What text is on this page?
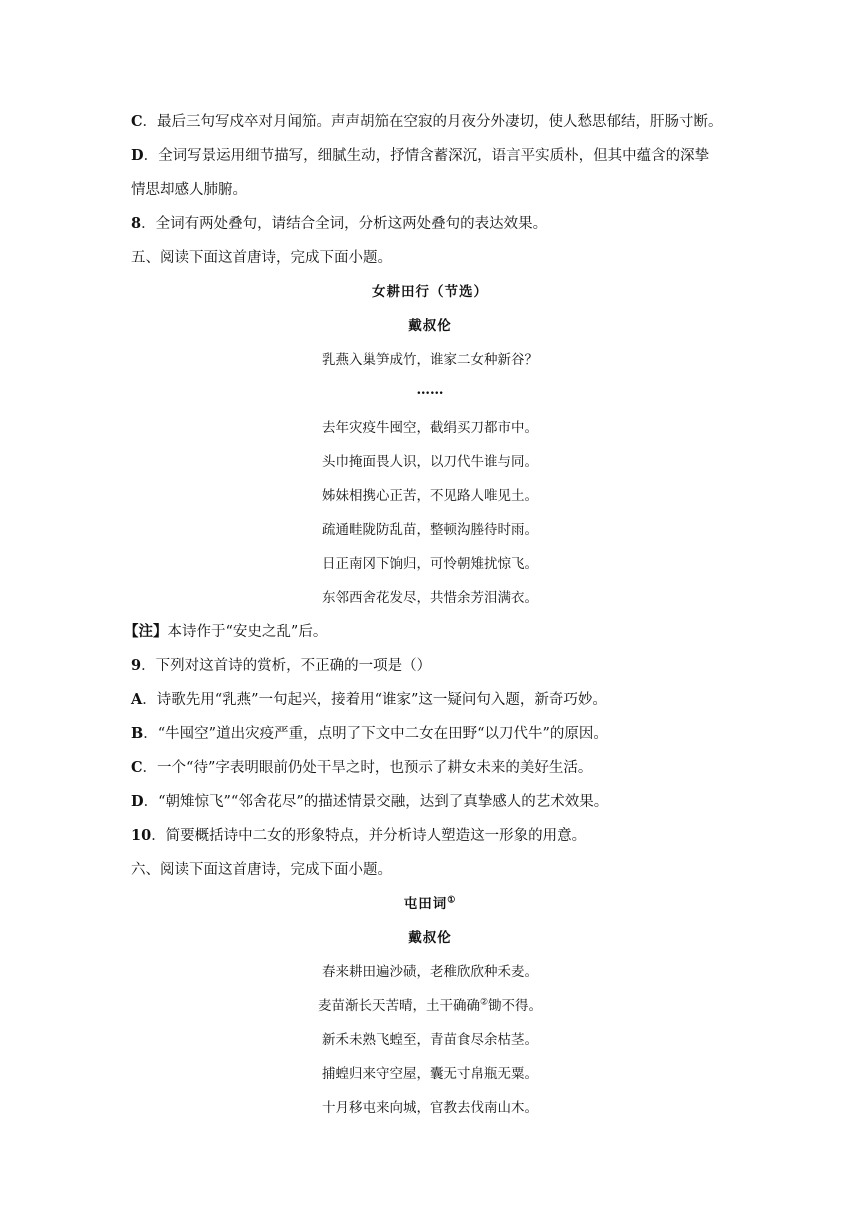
C．最后三句写戍卒对月闻笳。声声胡笳在空寂的月夜分外凄切，使人愁思郁结，肝肠寸断。
D．全词写景运用细节描写，细腻生动，抒情含蓄深沉，语言平实质朴，但其中蕴含的深挚
情思却感人肺腑。
8．全词有两处叠句，请结合全词，分析这两处叠句的表达效果。
五、阅读下面这首唐诗，完成下面小题。
女耕田行（节选）
戴叔伦
乳燕入巢笋成竹，谁家二女种新谷？
……
去年灾疫牛囤空，截绢买刀都市中。
头巾掩面畏人识，以刀代牛谁与同。
姊妹相携心正苦，不见路人唯见土。
疏通畦陇防乱苗，整顿沟塍待时雨。
日正南冈下饷归，可怜朝雉扰惊飞。
东邻西舍花发尽，共惜余芳泪满衣。
【注】本诗作于“安史之乱”后。
9．下列对这首诗的赏析，不正确的一项是（）
A．诗歌先用“乳燕”一句起兴，接着用“谁家”这一疑问句入题，新奇巧妙。
B．“牛囤空”道出灾疫严重，点明了下文中二女在田野“以刀代牛”的原因。
C．一个“待”字表明眼前仍处干旱之时，也预示了耕女未来的美好生活。
D．“朝雉惊飞”“邻舍花尽”的描述情景交融，达到了真挚感人的艺术效果。
10．简要概括诗中二女的形象特点，并分析诗人塑造这一形象的用意。
六、阅读下面这首唐诗，完成下面小题。
屯田词①
戴叔伦
春来耕田遍沙碛，老稚欣欣种禾麦。
麦苗渐长天苦晴，土干确确②锄不得。
新禾未熟飞蝗至，青苗食尽余枯茎。
捕蝗归来守空屋，囊无寸帛瓶无粟。
十月移屯来向城，官教去伐南山木。
